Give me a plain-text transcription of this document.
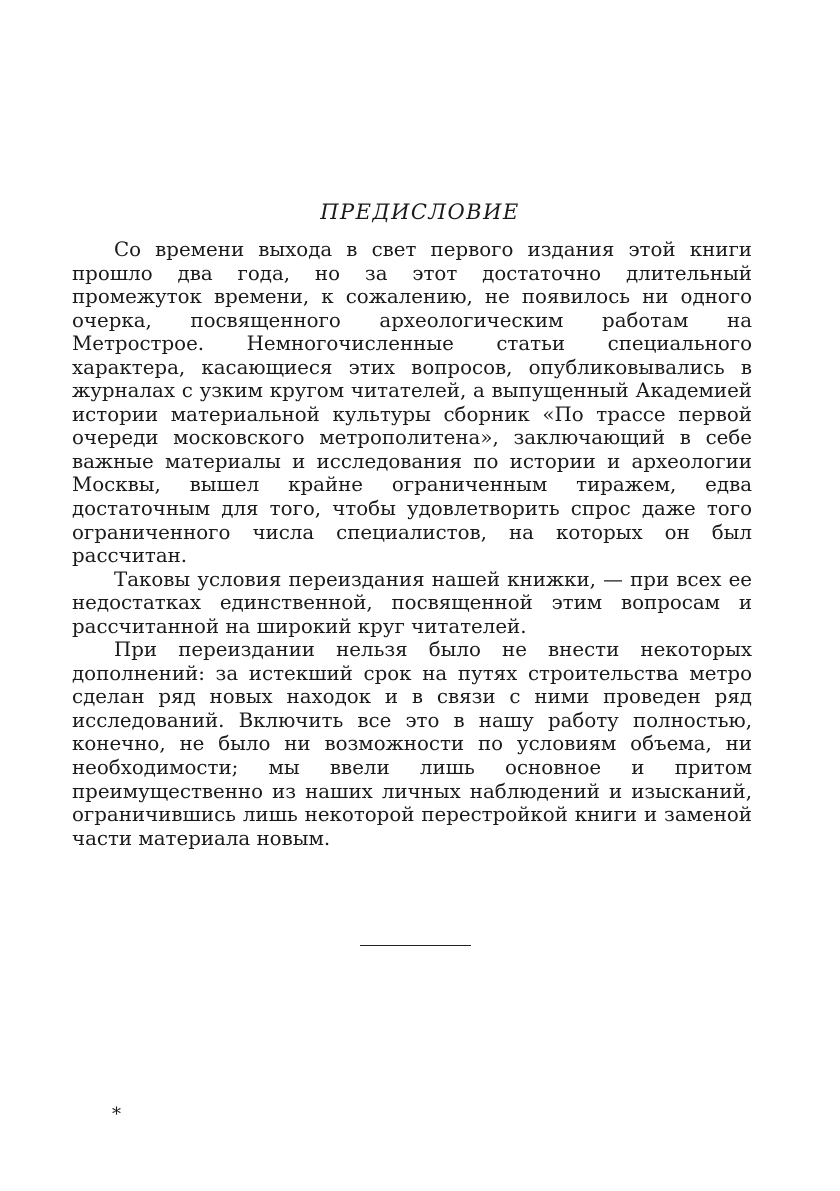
ПРЕДИСЛОВИЕ

Со времени выхода в свет первого издания этой книги прошло два года, но за этот достаточно длительный промежуток времени, к сожалению, не появилось ни одного очерка, посвященного археологическим работам на Метрострое. Немногочисленные статьи специального характера, касающиеся этих вопросов, опубликовывались в журналах с узким кругом читателей, а выпущенный Академией истории материальной культуры сборник «По трассе первой очереди московского метрополитена», заключающий в себе важные материалы и исследования по истории и археологии Москвы, вышел крайне ограниченным тиражем, едва достаточным для того, чтобы удовлетворить спрос даже того ограниченного числа специалистов, на которых он был рассчитан.

Таковы условия переиздания нашей книжки, — при всех ее недостатках единственной, посвященной этим вопросам и рассчитанной на широкий круг читателей.

При переиздании нельзя было не внести некоторых дополнений: за истекший срок на путях строительства метро сделан ряд новых находок и в связи с ними проведен ряд исследований. Включить все это в нашу работу полностью, конечно, не было ни возможности по условиям объема, ни необходимости; мы ввели лишь основное и притом преимущественно из наших личных наблюдений и изысканий, ограничившись лишь некоторой перестройкой книги и заменой части материала новым.

*
